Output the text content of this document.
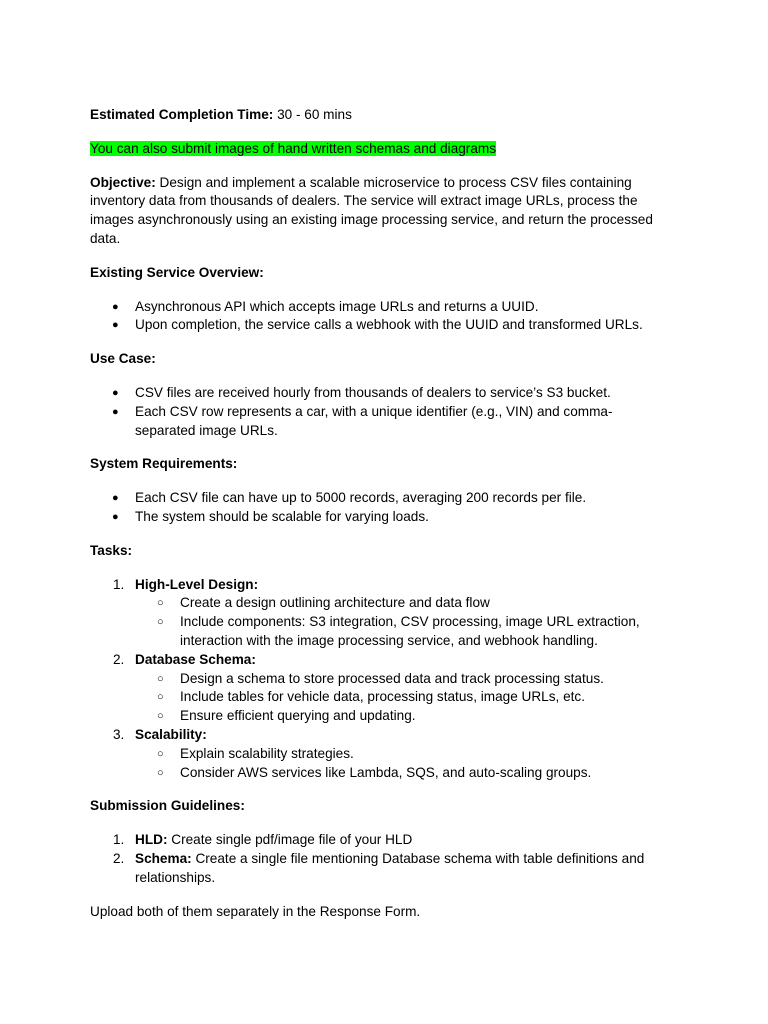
Estimated Completion Time: 30 - 60 mins

You can also submit images of hand written schemas and diagrams

Objective: Design and implement a scalable microservice to process CSV files containing inventory data from thousands of dealers. The service will extract image URLs, process the images asynchronously using an existing image processing service, and return the processed data.

Existing Service Overview:

● Asynchronous API which accepts image URLs and returns a UUID.
● Upon completion, the service calls a webhook with the UUID and transformed URLs.

Use Case:

● CSV files are received hourly from thousands of dealers to service’s S3 bucket.
● Each CSV row represents a car, with a unique identifier (e.g., VIN) and comma-separated image URLs.

System Requirements:

● Each CSV file can have up to 5000 records, averaging 200 records per file.
● The system should be scalable for varying loads.

Tasks:

1. High-Level Design:
○ Create a design outlining architecture and data flow
○ Include components: S3 integration, CSV processing, image URL extraction, interaction with the image processing service, and webhook handling.
2. Database Schema:
○ Design a schema to store processed data and track processing status.
○ Include tables for vehicle data, processing status, image URLs, etc.
○ Ensure efficient querying and updating.
3. Scalability:
○ Explain scalability strategies.
○ Consider AWS services like Lambda, SQS, and auto-scaling groups.

Submission Guidelines:

1. HLD: Create single pdf/image file of your HLD
2. Schema: Create a single file mentioning Database schema with table definitions and relationships.

Upload both of them separately in the Response Form.
